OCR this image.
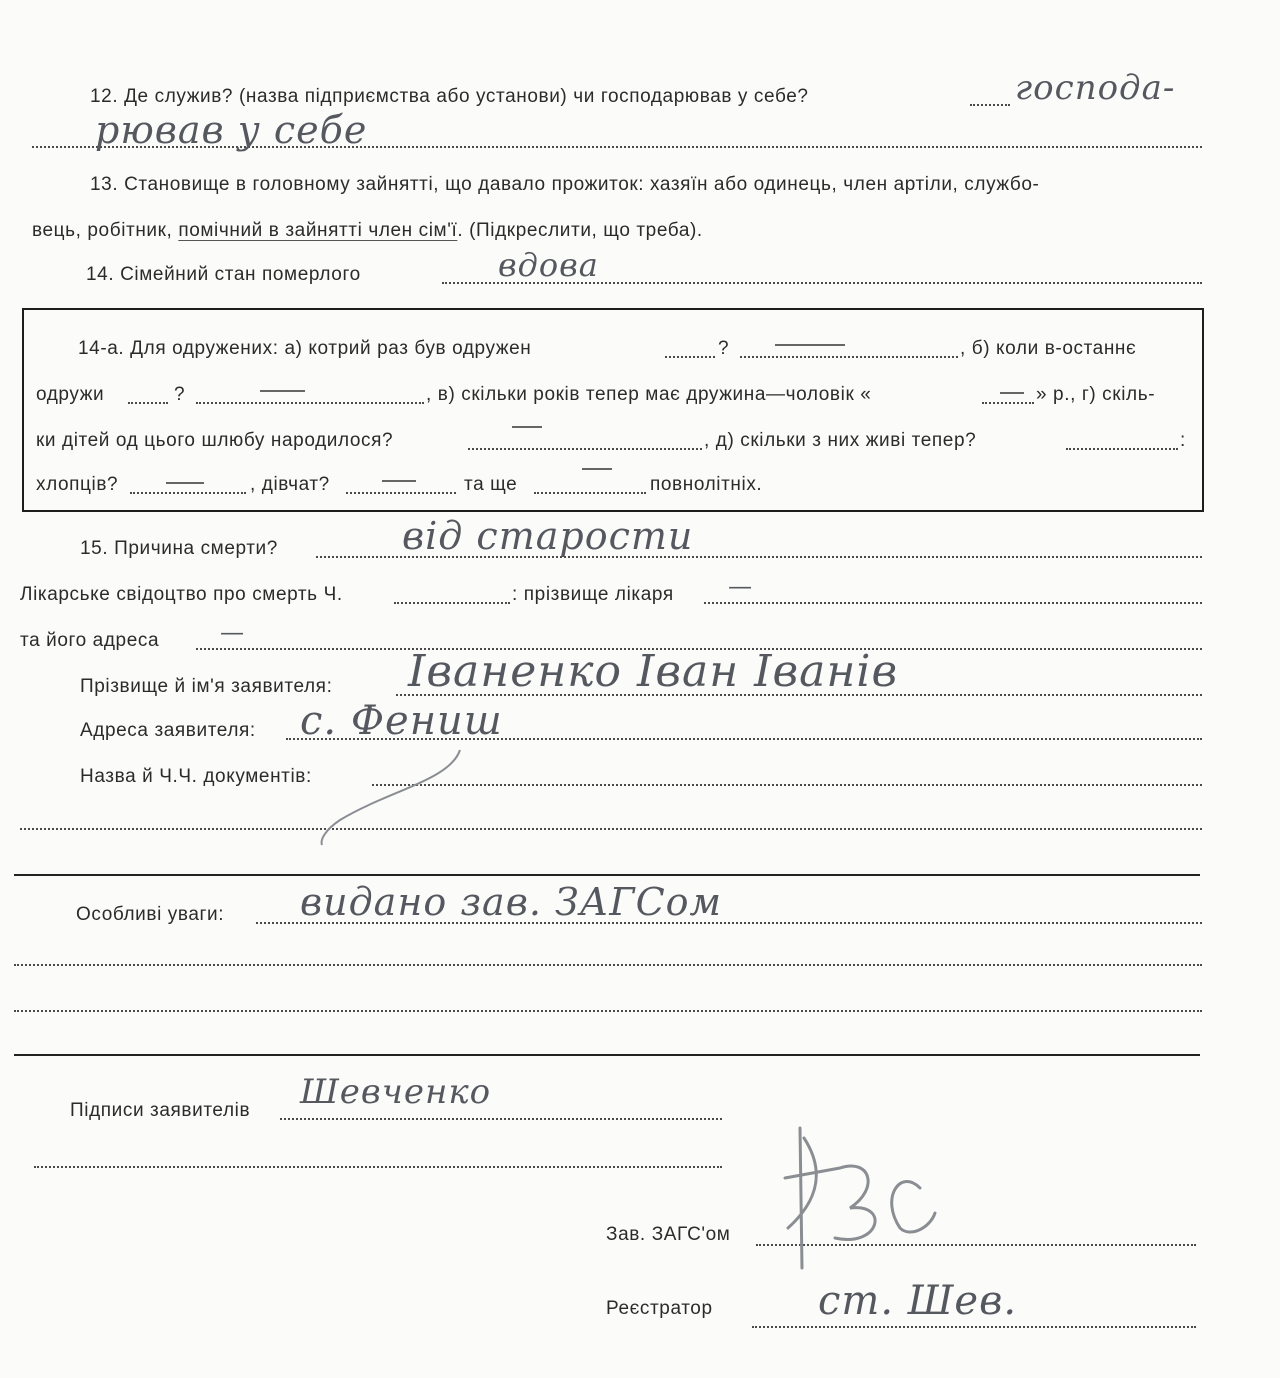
12. Де служив? (назва підприємства або установи) чи господарював у себе?	господа-
рював у себе
13. Становище в головному зайнятті, що давало прожиток: хазяїн або одинець, член артіли, службо-
вець, робітник, помічний в зайнятті член сім'ї. (Підкреслити, що треба).
14. Сімейний стан померлого	вдова
14-а. Для одружених: а) котрий раз був одружен	?	, б) коли в-останнє
одружи	?	, в) скільки років тепер має дружина—чоловік «	» р., г) скіль-
ки дітей од цього шлюбу народилося?	, д) скільки з них живі тепер?	:
хлопців?	, дівчат?	та ще	повнолітніх.
15. Причина смерти?	від старости
Лікарське свідоцтво про смерть Ч.	: прізвище лікаря —
та його адреса	—
Прізвище й ім'я заявителя: Іваненко Іван Іванів
Адреса заявителя: с. Фениш
Назва й Ч.Ч. документів:
Особливі уваги: видано зав. ЗАГСом
Підписи заявителів Шевченко
Зав. ЗАГС'ом
Реєстратор	ст. Шев.
